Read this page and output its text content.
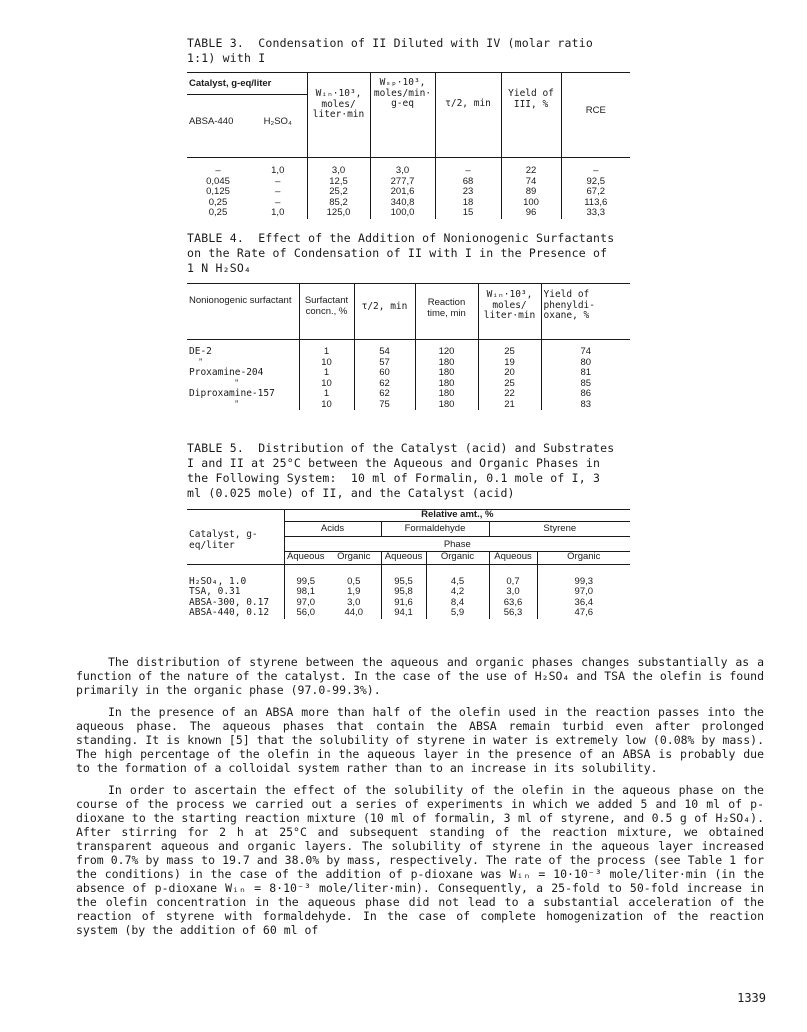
TABLE 3.  Condensation of II Diluted with IV (molar ratio
1:1) with I
Catalyst, g-eq/liter		Wᵢₙ·10³, moles/ liter·min	Wₛₚ·10³, moles/min· g-eq	τ/2, min	Yield of III, %	RCE
ABSA-440	H₂SO₄					

–	1,0	3,0	3,0	–	22	–
0,045	–	12,5	277,7	68	74	92,5
0,125	–	25,2	201,6	23	89	67,2
0,25	–	85,2	340,8	18	100	113,6
0,25	1,0	125,0	100,0	15	96	33,3
TABLE 4.  Effect of the Addition of Nonionogenic Surfactants
on the Rate of Condensation of II with I in the Presence of
1 N H₂SO₄
Nonionogenic surfactant	Surfactant concn., %	τ/2, min	Reaction time, min	Wᵢₙ·10³, moles/ liter·min	Yield of phenyldi- oxane, %

DE-2	1	54	120	25	74
”	10	57	180	19	80
Proxamine-204	1	60	180	20	81
”	10	62	180	25	85
Diproxamine-157	1	62	180	22	86
”	10	75	180	21	83
TABLE 5.  Distribution of the Catalyst (acid) and Substrates
I and II at 25°C between the Aqueous and Organic Phases in
the Following System:  10 ml of Formalin, 0.1 mole of I, 3
ml (0.025 mole) of II, and the Catalyst (acid)
Catalyst, g-eq/liter	Relative amt., %					
	Acids		Formaldehyde		Styrene	
	Phase					
	Aqueous	Organic	Aqueous	Organic	Aqueous	Organic

H₂SO₄, 1.0	99,5	0,5	95,5	4,5	0,7	99,3
TSA, 0.31	98,1	1,9	95,8	4,2	3,0	97,0
ABSA-300, 0.17	97,0	3,0	91,6	8,4	63,6	36,4
ABSA-440, 0.12	56,0	44,0	94,1	5,9	56,3	47,6

The distribution of styrene between the aqueous and organic phases changes substantially as a function of the nature of the catalyst. In the case of the use of H₂SO₄ and TSA the olefin is found primarily in the organic phase (97.0-99.3%).

In the presence of an ABSA more than half of the olefin used in the reaction passes into the aqueous phase. The aqueous phases that contain the ABSA remain turbid even after prolonged standing. It is known [5] that the solubility of styrene in water is extremely low (0.08% by mass). The high percentage of the olefin in the aqueous layer in the presence of an ABSA is probably due to the formation of a colloidal system rather than to an increase in its solubility.

In order to ascertain the effect of the solubility of the olefin in the aqueous phase on the course of the process we carried out a series of experiments in which we added 5 and 10 ml of p-dioxane to the starting reaction mixture (10 ml of formalin, 3 ml of styrene, and 0.5 g of H₂SO₄). After stirring for 2 h at 25°C and subsequent standing of the reaction mixture, we obtained transparent aqueous and organic layers. The solubility of styrene in the aqueous layer increased from 0.7% by mass to 19.7 and 38.0% by mass, respectively. The rate of the process (see Table 1 for the conditions) in the case of the addition of p-dioxane was Wᵢₙ = 10·10⁻³ mole/liter·min (in the absence of p-dioxane Wᵢₙ = 8·10⁻³ mole/liter·min). Consequently, a 25-fold to 50-fold increase in the olefin concentration in the aqueous phase did not lead to a substantial acceleration of the reaction of styrene with formaldehyde. In the case of complete homogenization of the reaction system (by the addition of 60 ml of

1339
